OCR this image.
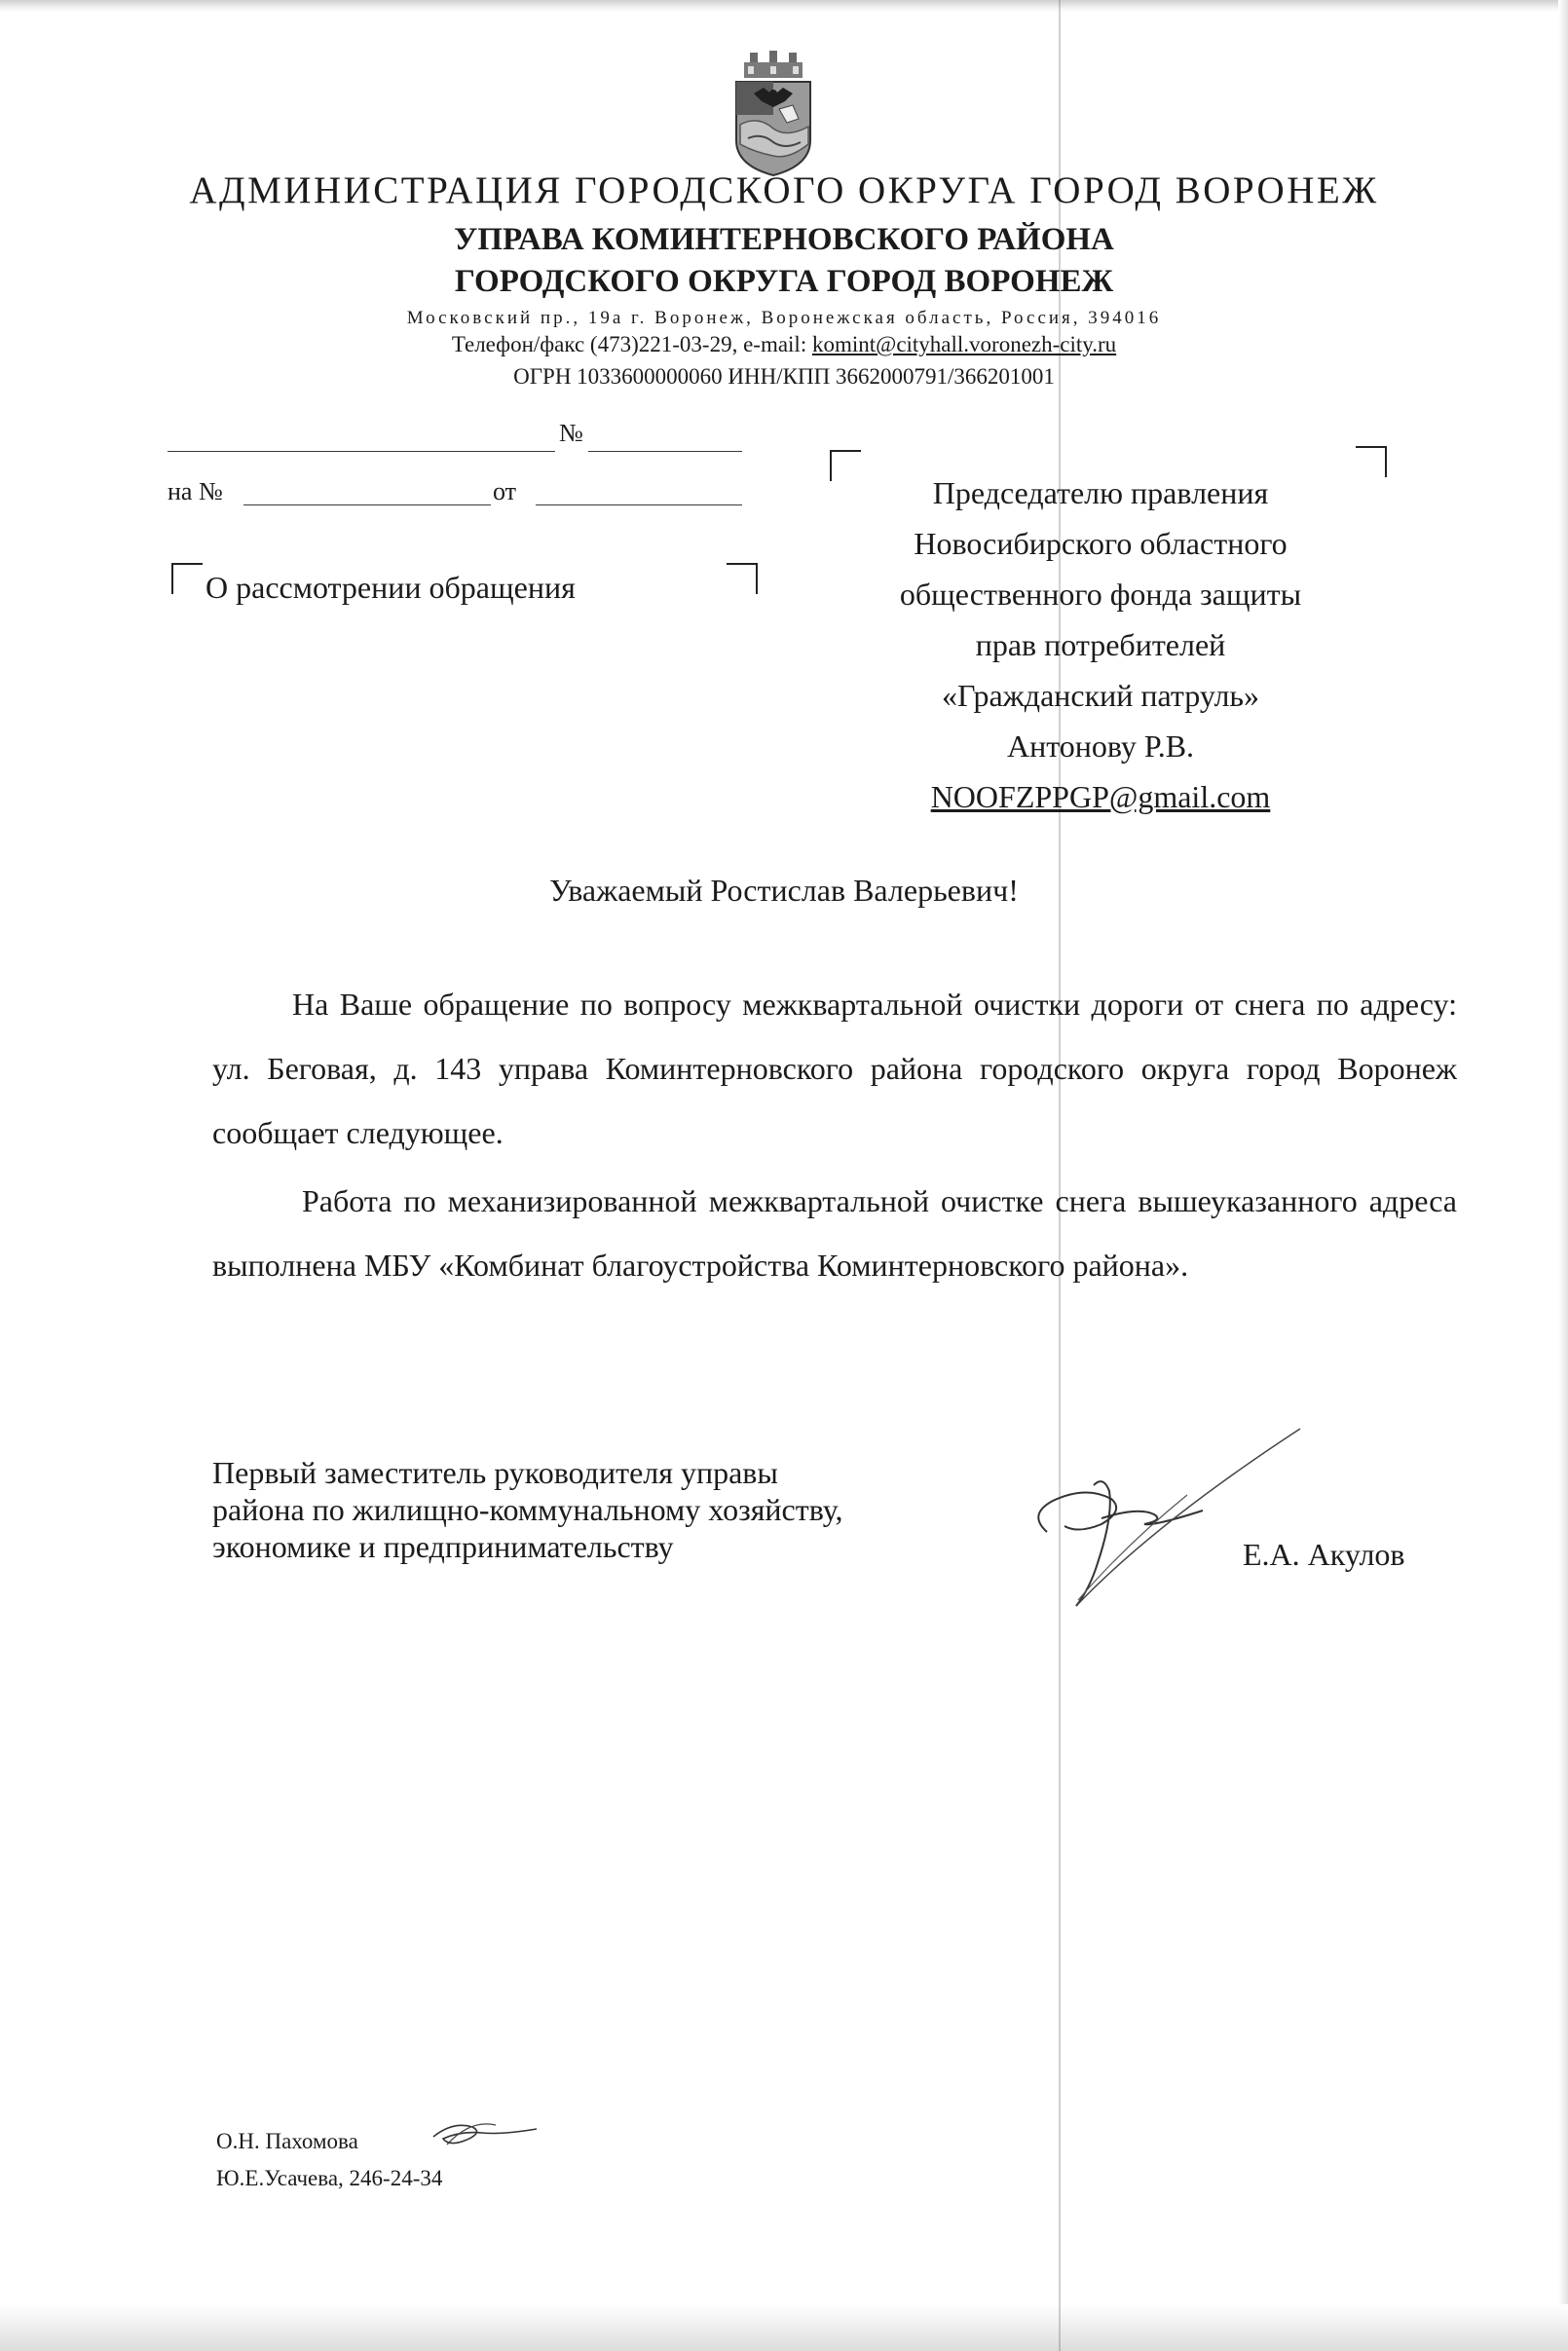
АДМИНИСТРАЦИЯ ГОРОДСКОГО ОКРУГА ГОРОД ВОРОНЕЖ
УПРАВА КОМИНТЕРНОВСКОГО РАЙОНА
ГОРОДСКОГО ОКРУГА ГОРОД ВОРОНЕЖ
Московский пр., 19а г. Воронеж, Воронежская область, Россия, 394016
Телефон/факс (473)221-03-29, e-mail: komint@cityhall.voronezh-city.ru
ОГРН 1033600000060 ИНН/КПП 3662000791/366201001
№
на №	от
О рассмотрении обращения
Председателю правления
Новосибирского областного
общественного фонда защиты
прав потребителей
«Гражданский патруль»
Антонову Р.В.
NOOFZPPGP@gmail.com
Уважаемый Ростислав Валерьевич!
На Ваше обращение по вопросу межквартальной очистки дороги от снега по адресу: ул. Беговая, д. 143 управа Коминтерновского района городского округа город Воронеж сообщает следующее.
Работа по механизированной межквартальной очистке снега вышеуказанного адреса выполнена МБУ «Комбинат благоустройства Коминтерновского района».
Первый заместитель руководителя управы
района по жилищно-коммунальному хозяйству,
экономике и предпринимательству	Е.А. Акулов
О.Н. Пахомова
Ю.Е.Усачева, 246-24-34
